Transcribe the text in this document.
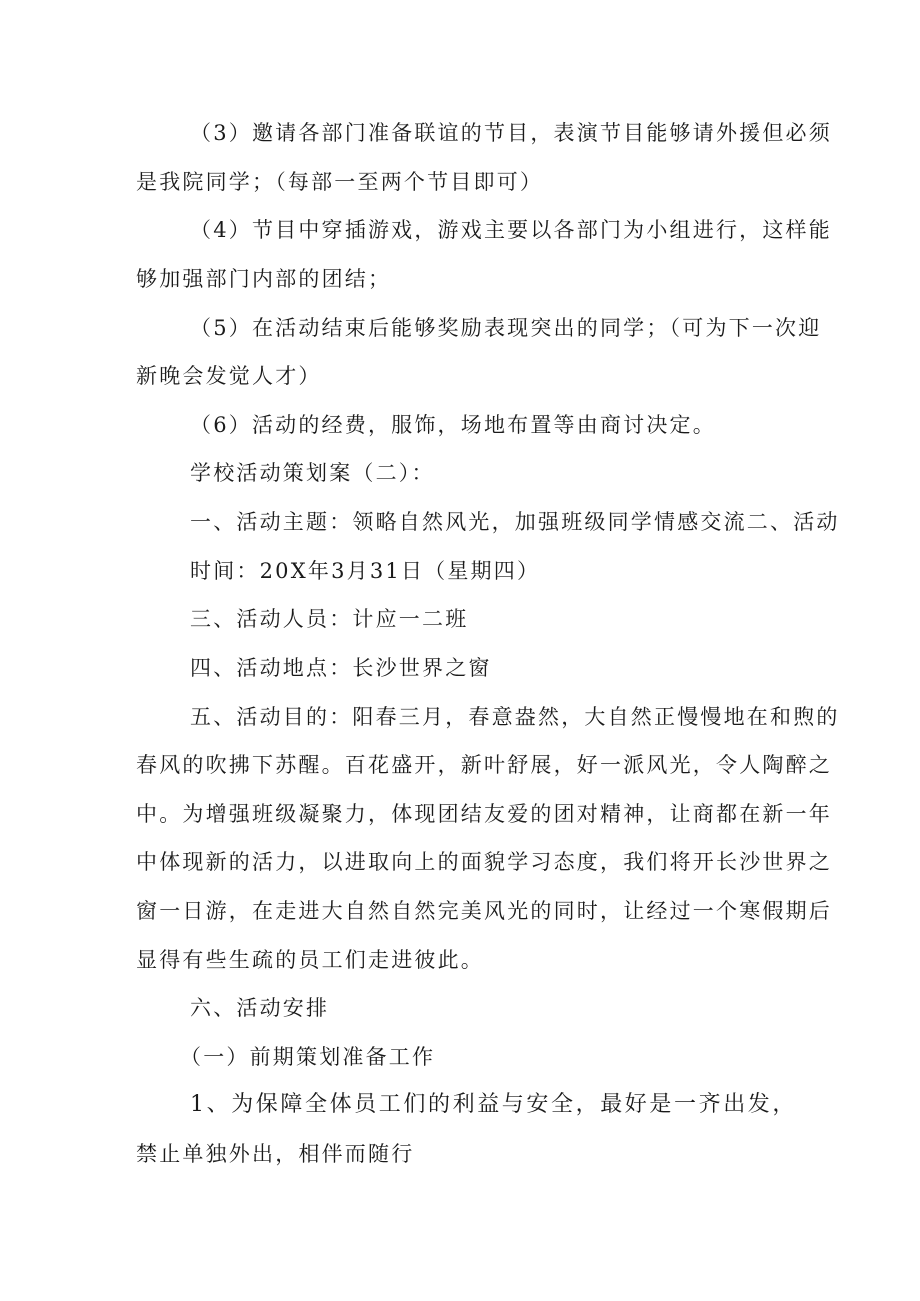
（3）邀请各部门准备联谊的节目，表演节目能够请外援但必须
是我院同学；（每部一至两个节目即可）
（4）节目中穿插游戏，游戏主要以各部门为小组进行，这样能
够加强部门内部的团结；
（5）在活动结束后能够奖励表现突出的同学；（可为下一次迎
新晚会发觉人才）
（6）活动的经费，服饰，场地布置等由商讨决定。
学校活动策划案（二）：
一、活动主题：领略自然风光，加强班级同学情感交流二、活动
时间：20X年3月31日（星期四）
三、活动人员：计应一二班
四、活动地点：长沙世界之窗
五、活动目的：阳春三月，春意盎然，大自然正慢慢地在和煦的
春风的吹拂下苏醒。百花盛开，新叶舒展，好一派风光，令人陶醉之
中。为增强班级凝聚力，体现团结友爱的团对精神，让商都在新一年
中体现新的活力，以进取向上的面貌学习态度，我们将开长沙世界之
窗一日游，在走进大自然自然完美风光的同时，让经过一个寒假期后
显得有些生疏的员工们走进彼此。
六、活动安排
（一）前期策划准备工作
1、为保障全体员工们的利益与安全，最好是一齐出发，
禁止单独外出，相伴而随行
